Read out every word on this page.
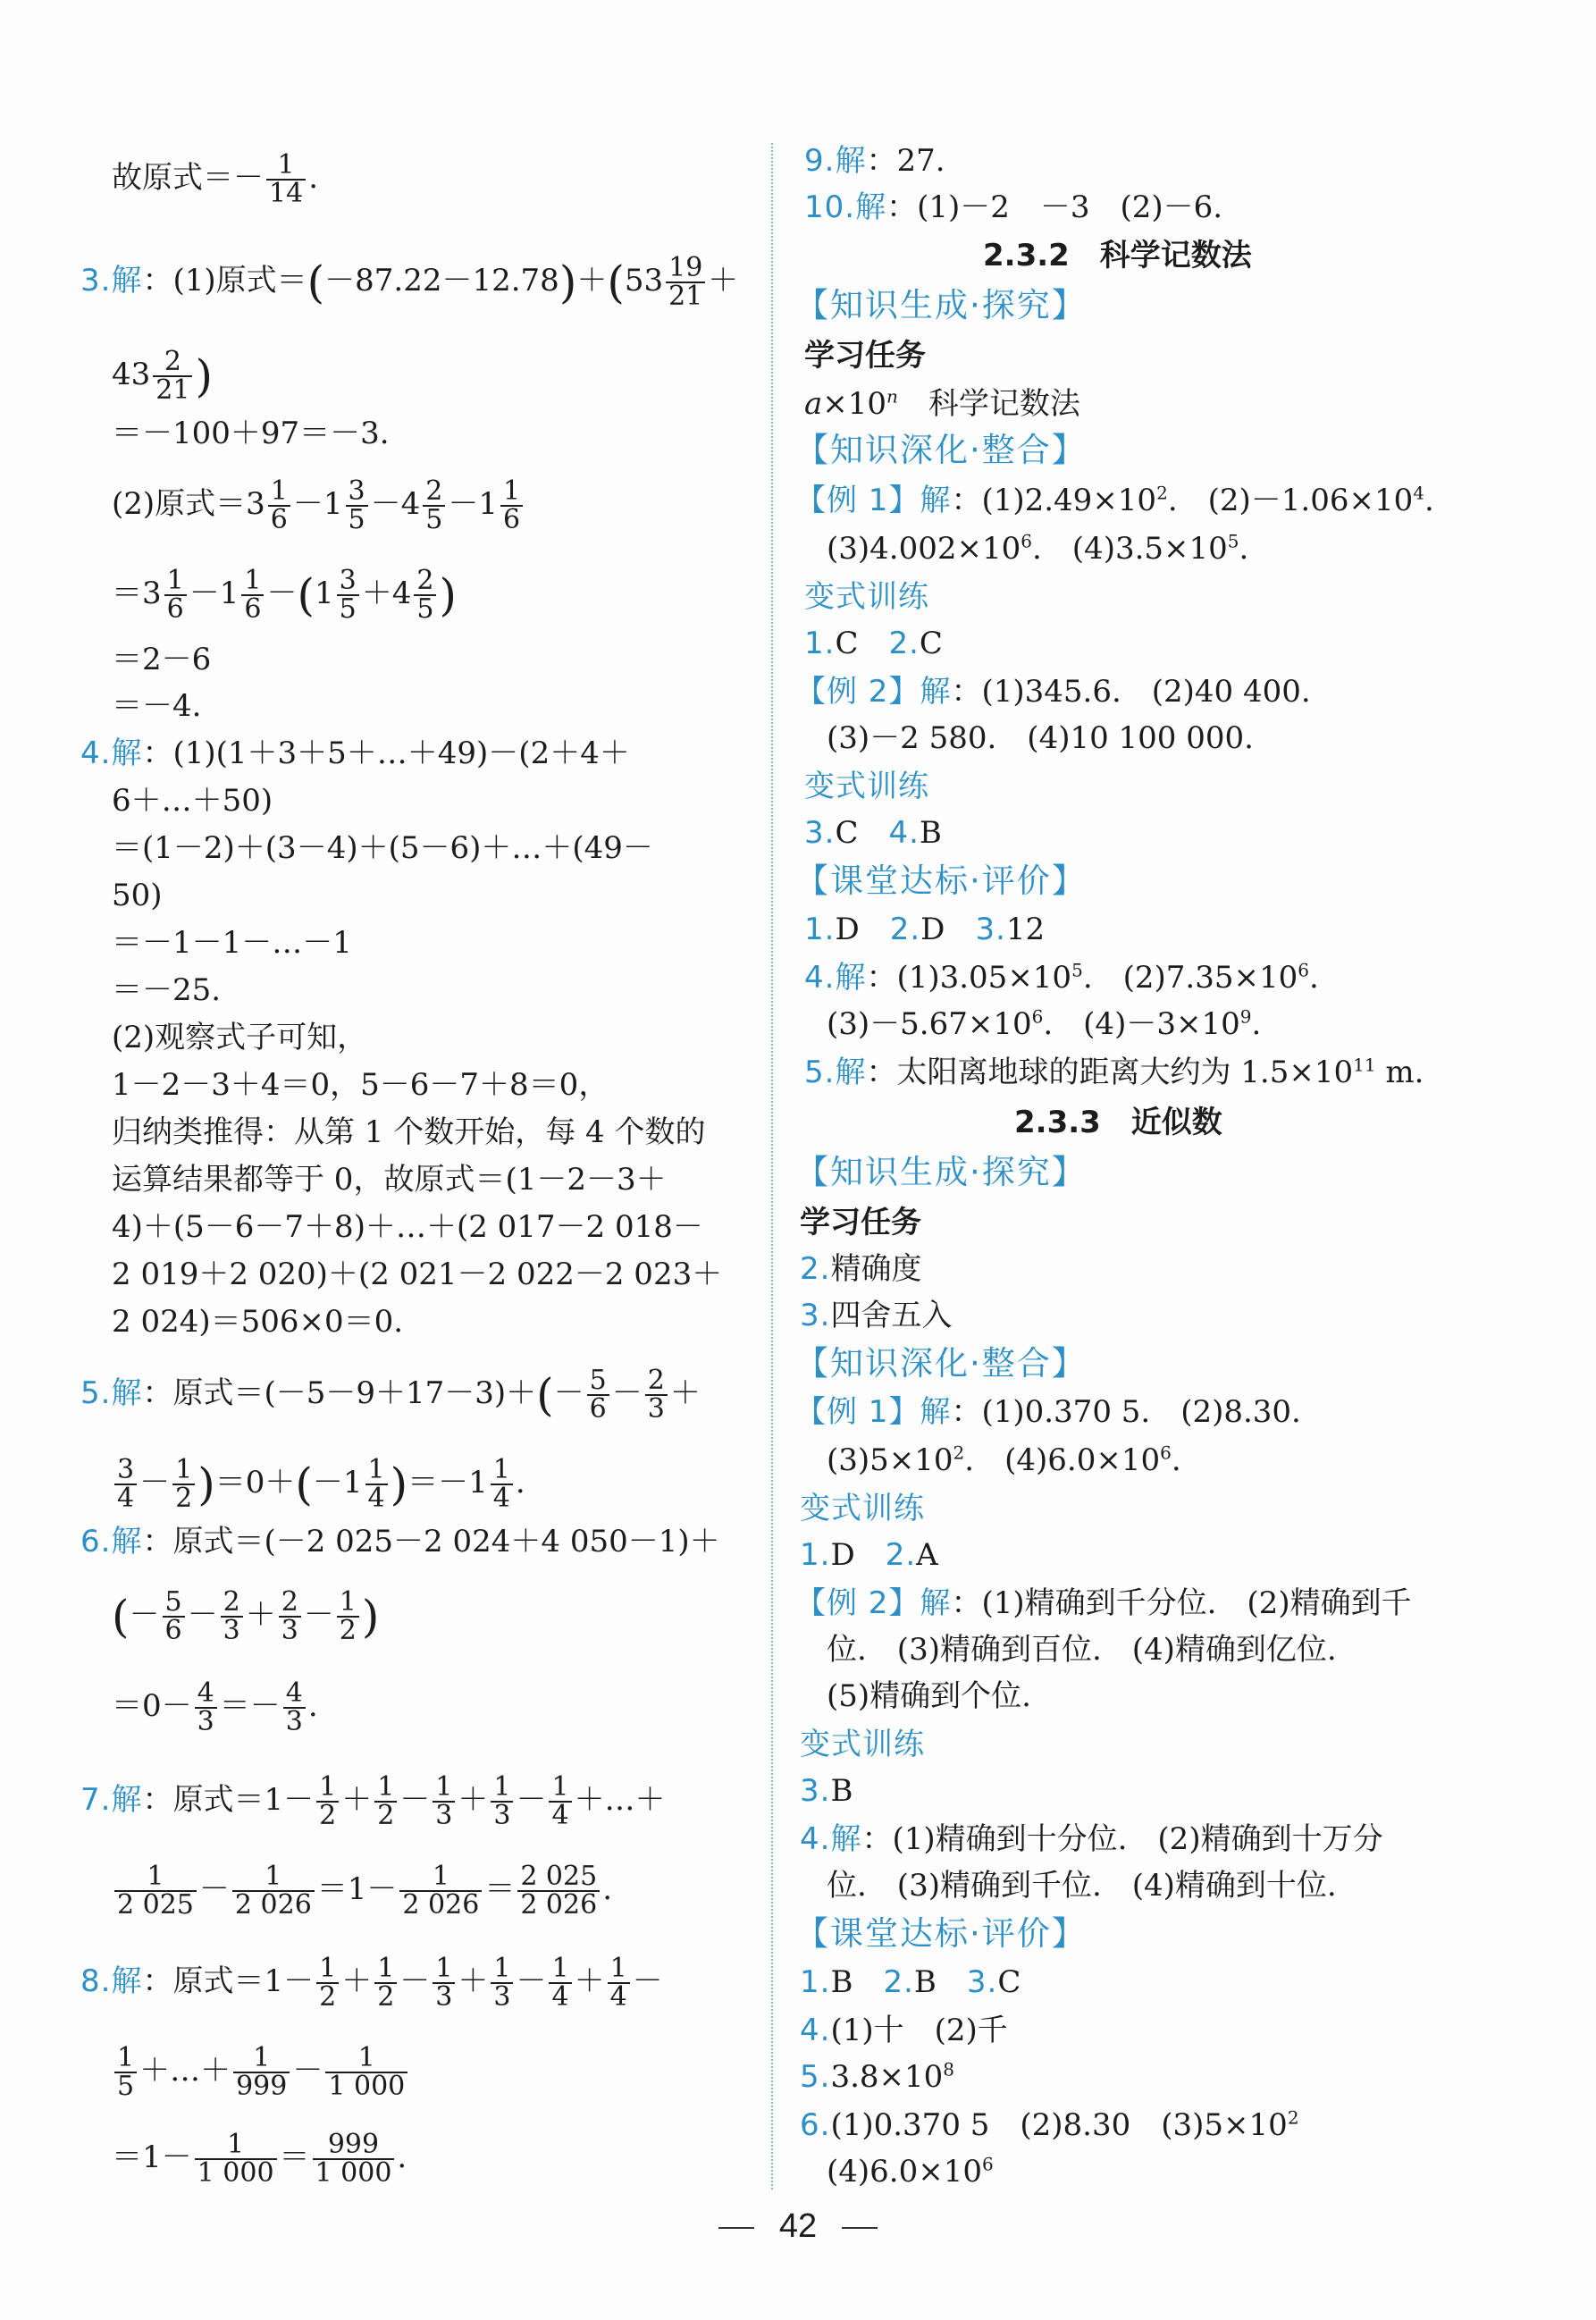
故原式＝－ $\frac{1}{14}$ .
3.解：(1)原式$=(-87.22-12.78)+(53 \frac{19}{21}$ ＋
$43 \frac{2}{21}$ )
＝－100＋97＝－3.
(2)原式$=3 \frac{1}{6} -1 \frac{3}{5} -4 \frac{2}{5} -1 \frac{1}{6}$
$=3 \frac{1}{6} -1 \frac{1}{6} -(1 \frac{3}{5} +4 \frac{2}{5}$ )
＝2－6
＝－4.
4.解：(1)(1＋3＋5＋…＋49)－(2＋4＋
6＋…＋50)
＝(1－2)＋(3－4)＋(5－6)＋…＋(49－
50)
＝－1－1－…－1
＝－25.
(2)观察式子可知，
1－2－3＋4＝0，5－6－7＋8＝0，
归纳类推得：从第 1 个数开始，每 4 个数的
运算结果都等于 0，故原式＝(1－2－3＋
4)＋(5－6－7＋8)＋…＋(2 017－2 018－
2 019＋2 020)＋(2 021－2 022－2 023＋
2 024)＝506×0＝0.
5.解：原式$=(-5-9+17-3)+(- \frac{5}{6} - \frac{2}{3}$ ＋
$\frac{3}{4} - \frac{1}{2} )=0+(-1 \frac{1}{4} )=-1 \frac{1}{4}$ .
6.解：原式＝(－2 025－2 024＋4 050－1)＋
(－ $\frac{5}{6} - \frac{2}{3} + \frac{2}{3} - \frac{1}{2}$ )
$=0- \frac{4}{3} =- \frac{4}{3}$ .
7.解：原式$=1- \frac{1}{2} + \frac{1}{2} - \frac{1}{3} + \frac{1}{3} - \frac{1}{4}$ ＋…＋
$\frac{1}{2 025} - \frac{1}{2 026} =1- \frac{1}{2 026} = \frac{2 025}{2 026}$ .
8.解：原式$=1- \frac{1}{2} + \frac{1}{2} - \frac{1}{3} + \frac{1}{3} - \frac{1}{4} + \frac{1}{4}$ －
$\frac{1}{5}$ ＋…＋ $\frac{1}{999} - \frac{1}{1 000}$
$=1- \frac{1}{1 000} = \frac{999}{1 000}$ .
9.解：27.
10.解：(1)－2　－3　(2)－6.
2.3.2　科学记数法
【知识生成·探究】
学习任务
$a\times 10^n$　科学记数法
【知识深化·整合】
【例 1】解：$(1)2.49\times 10^2$.　$(2)-1.06\times 10^4$.
$(3)4.002\times 10^6$.　$(4)3.5\times 10^5$.
变式训练
1.C　2.C
【例 2】解：(1)345.6.　(2)40 400.
(3)－2 580.　(4)10 100 000.
变式训练
3.C　4.B
【课堂达标·评价】
1.D　2.D　3.12
4.解：$(1)3.05\times 10^5$.　$(2)7.35\times 10^6$.
$(3)-5.67\times 10^6$.　$(4)-3\times 10^9$.
5.解：太阳离地球的距离大约为 $1.5\times 10^{11}$ m.
2.3.3　近似数
【知识生成·探究】
学习任务
2.精确度
3.四舍五入
【知识深化·整合】
【例 1】解：(1)0.370 5.　(2)8.30.
$(3)5\times 10^2$.　$(4)6.0\times 10^6$.
变式训练
1.D　2.A
【例 2】解：(1)精确到千分位.　(2)精确到千
位.　(3)精确到百位.　(4)精确到亿位.
(5)精确到个位.
变式训练
3.B
4.解：(1)精确到十分位.　(2)精确到十万分
位.　(3)精确到千位.　(4)精确到十位.
【课堂达标·评价】
1.B　2.B　3.C
4.(1)十　(2)千
$5.3.8\times 10^8$
6.(1)0.370 5　(2)8.30　$(3)5\times 10^2$
$(4)6.0\times 10^6$
42
